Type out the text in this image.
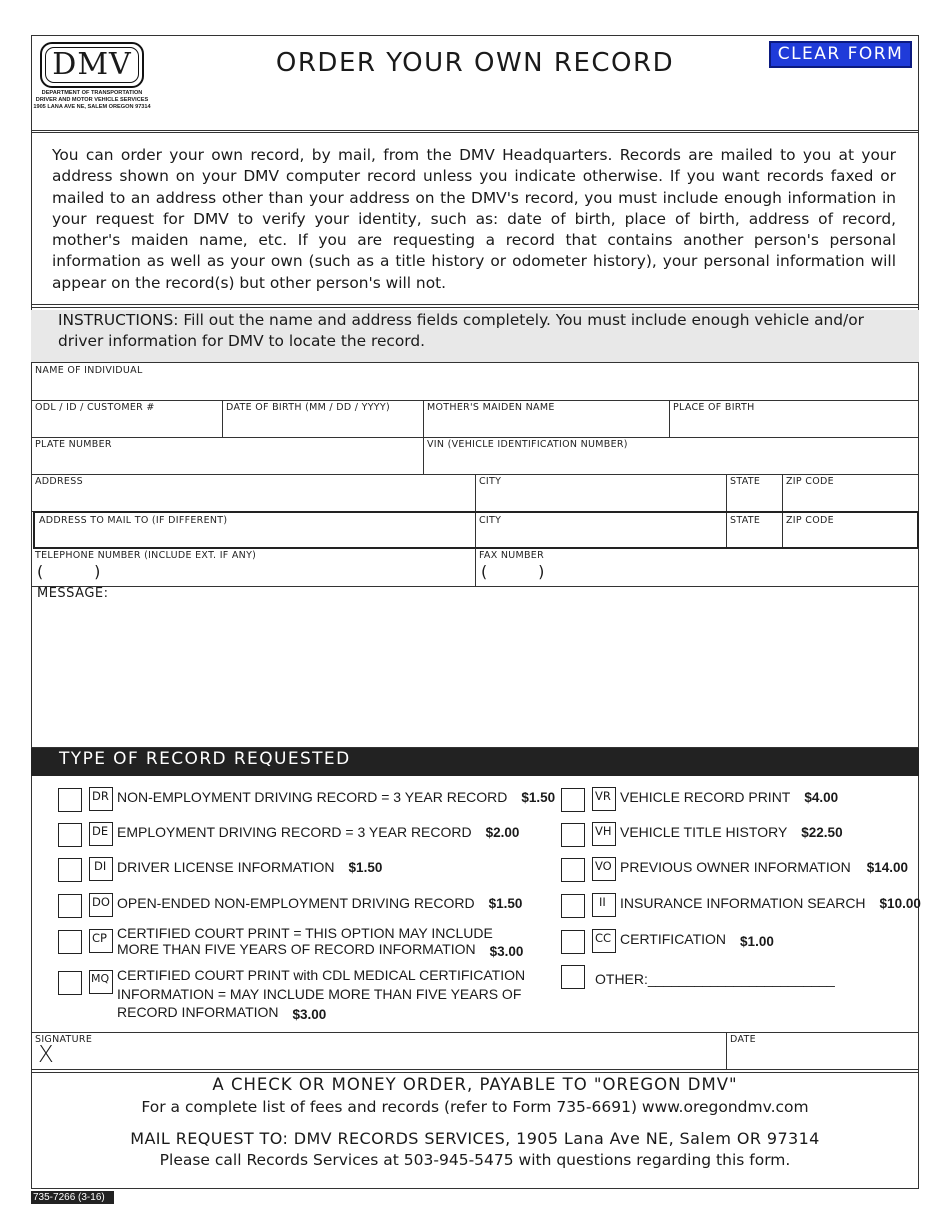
DMV
DEPARTMENT OF TRANSPORTATION
DRIVER AND MOTOR VEHICLE SERVICES
1905 LANA AVE NE, SALEM OREGON 97314
ORDER YOUR OWN RECORD	CLEAR FORM
You can order your own record, by mail, from the DMV Headquarters. Records are mailed to you at your address shown on your DMV computer record unless you indicate otherwise. If you want records faxed or mailed to an address other than your address on the DMV's record, you must include enough information in your request for DMV to verify your identity, such as: date of birth, place of birth, address of record, mother's maiden name, etc. If you are requesting a record that contains another person's personal information as well as your own (such as a title history or odometer history), your personal information will appear on the record(s) but other person's will not.
INSTRUCTIONS: Fill out the name and address fields completely. You must include enough vehicle and/or driver information for DMV to locate the record.
NAME OF INDIVIDUAL
ODL / ID / CUSTOMER #	DATE OF BIRTH (MM / DD / YYYY)	MOTHER'S MAIDEN NAME	PLACE OF BIRTH
PLATE NUMBER	VIN (VEHICLE IDENTIFICATION NUMBER)
ADDRESS	CITY	STATE	ZIP CODE
ADDRESS TO MAIL TO (IF DIFFERENT)	CITY	STATE	ZIP CODE
TELEPHONE NUMBER (INCLUDE EXT. IF ANY)
(          )
FAX NUMBER
(          )
MESSAGE:
TYPE OF RECORD REQUESTED
DR NON-EMPLOYMENT DRIVING RECORD = 3 YEAR RECORD $1.50
DE EMPLOYMENT DRIVING RECORD = 3 YEAR RECORD $2.00
DI DRIVER LICENSE INFORMATION $1.50
DO OPEN-ENDED NON-EMPLOYMENT DRIVING RECORD $1.50
CP CERTIFIED COURT PRINT = THIS OPTION MAY INCLUDE
MORE THAN FIVE YEARS OF RECORD INFORMATION $3.00
MQ CERTIFIED COURT PRINT with CDL MEDICAL CERTIFICATION
INFORMATION = MAY INCLUDE MORE THAN FIVE YEARS OF
RECORD INFORMATION $3.00
VR VEHICLE RECORD PRINT $4.00
VH VEHICLE TITLE HISTORY $22.50
VO PREVIOUS OWNER INFORMATION $14.00
II	INSURANCE INFORMATION SEARCH $10.00
CC CERTIFICATION $1.00
OTHER:________________________
SIGNATURE
X
DATE
A CHECK OR MONEY ORDER, PAYABLE TO "OREGON DMV"
For a complete list of fees and records (refer to Form 735-6691) www.oregondmv.com
MAIL REQUEST TO: DMV RECORDS SERVICES, 1905 Lana Ave NE, Salem OR 97314
Please call Records Services at 503-945-5475 with questions regarding this form.
735-7266 (3-16)
